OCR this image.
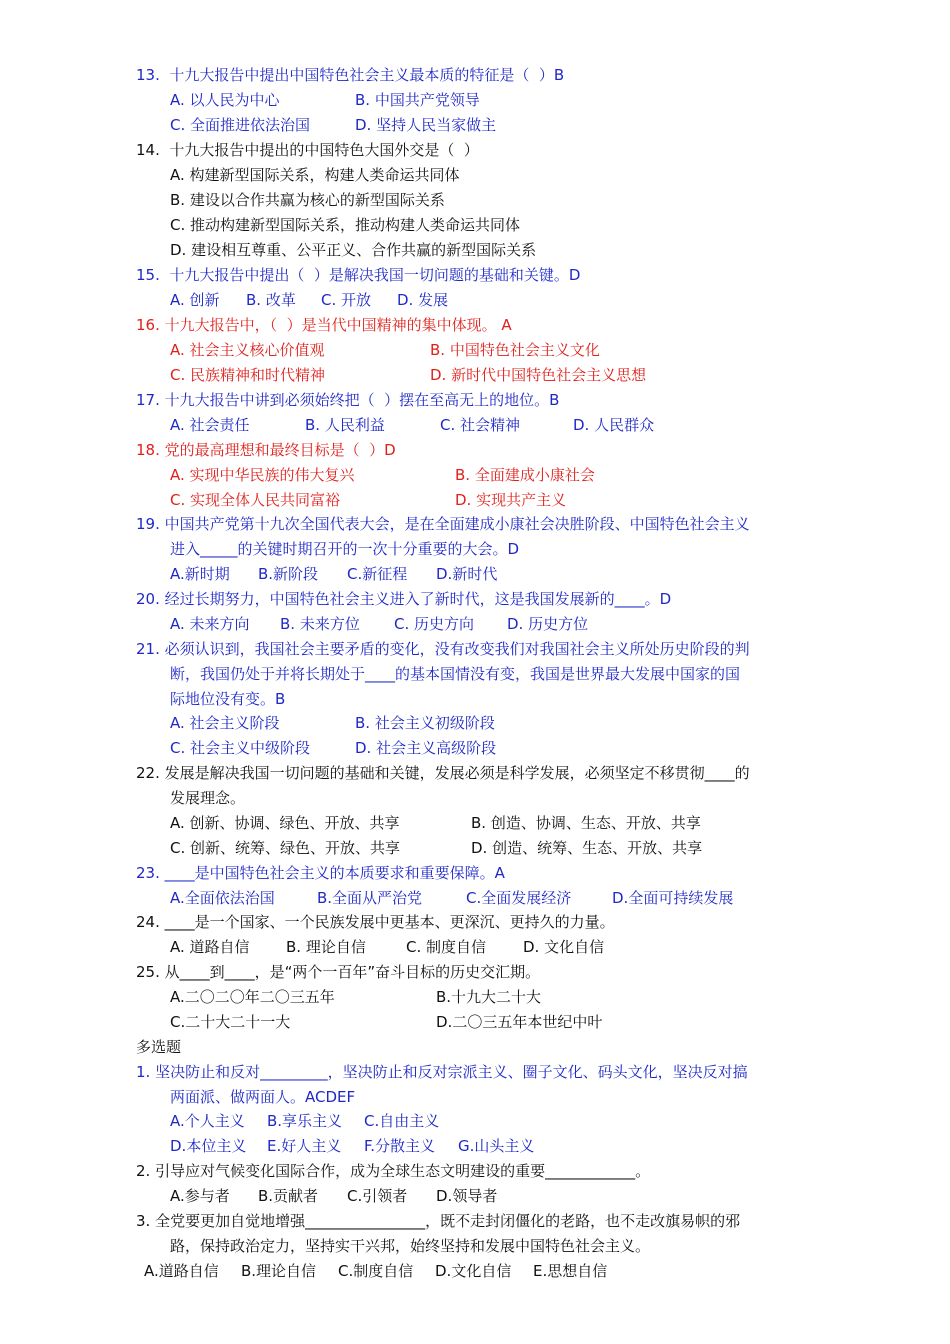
13.  十九大报告中提出中国特色社会主义最本质的特征是（  ）B
A. 以人民为中心	B. 中国共产党领导
C. 全面推进依法治国	D. 坚持人民当家做主
14.  十九大报告中提出的中国特色大国外交是（  ）
A. 构建新型国际关系，构建人类命运共同体
B. 建设以合作共赢为核心的新型国际关系
C. 推动构建新型国际关系，推动构建人类命运共同体
D. 建设相互尊重、公平正义、合作共赢的新型国际关系
15.  十九大报告中提出（  ）是解决我国一切问题的基础和关键。D
A. 创新 B. 改革 C. 开放 D. 发展
16. 十九大报告中，（  ）是当代中国精神的集中体现。 A
A. 社会主义核心价值观	B. 中国特色社会主义文化
C. 民族精神和时代精神	D. 新时代中国特色社会主义思想
17. 十九大报告中讲到必须始终把（  ）摆在至高无上的地位。B
A. 社会责任	B. 人民利益	C. 社会精神	D. 人民群众
18. 党的最高理想和最终目标是（  ）D
A. 实现中华民族的伟大复兴	B. 全面建成小康社会
C. 实现全体人民共同富裕	D. 实现共产主义
19. 中国共产党第十九次全国代表大会，是在全面建成小康社会决胜阶段、中国特色社会主义
进入_____的关键时期召开的一次十分重要的大会。D
A.新时期 B.新阶段 C.新征程 D.新时代
20. 经过长期努力，中国特色社会主义进入了新时代，这是我国发展新的____。D
A. 未来方向 B. 未来方位 C. 历史方向 D. 历史方位
21. 必须认识到，我国社会主要矛盾的变化，没有改变我们对我国社会主义所处历史阶段的判
断，我国仍处于并将长期处于____的基本国情没有变，我国是世界最大发展中国家的国
际地位没有变。B
A. 社会主义阶段	B. 社会主义初级阶段
C. 社会主义中级阶段	D. 社会主义高级阶段
22. 发展是解决我国一切问题的基础和关键，发展必须是科学发展，必须坚定不移贯彻____的
发展理念。
A. 创新、协调、绿色、开放、共享	B. 创造、协调、生态、开放、共享
C. 创新、统筹、绿色、开放、共享	D. 创造、统筹、生态、开放、共享
23. ____是中国特色社会主义的本质要求和重要保障。A
A.全面依法治国	B.全面从严治党	C.全面发展经济	D.全面可持续发展
24. ____是一个国家、一个民族发展中更基本、更深沉、更持久的力量。
A. 道路自信 B. 理论自信	C. 制度自信 D. 文化自信
25. 从____到____，是“两个一百年”奋斗目标的历史交汇期。
A.二〇二〇年二〇三五年	B.十九大二十大
C.二十大二十一大	D.二〇三五年本世纪中叶
多选题
1. 坚决防止和反对_________，坚决防止和反对宗派主义、圈子文化、码头文化，坚决反对搞
两面派、做两面人。ACDEF
A.个人主义 B.享乐主义 C.自由主义
D.本位主义 E.好人主义 F.分散主义 G.山头主义
2. 引导应对气候变化国际合作，成为全球生态文明建设的重要____________。
A.参与者 B.贡献者 C.引领者 D.领导者
3. 全党要更加自觉地增强________________，既不走封闭僵化的老路，也不走改旗易帜的邪
路，保持政治定力，坚持实干兴邦，始终坚持和发展中国特色社会主义。
A.道路自信 B.理论自信 C.制度自信 D.文化自信 E.思想自信
